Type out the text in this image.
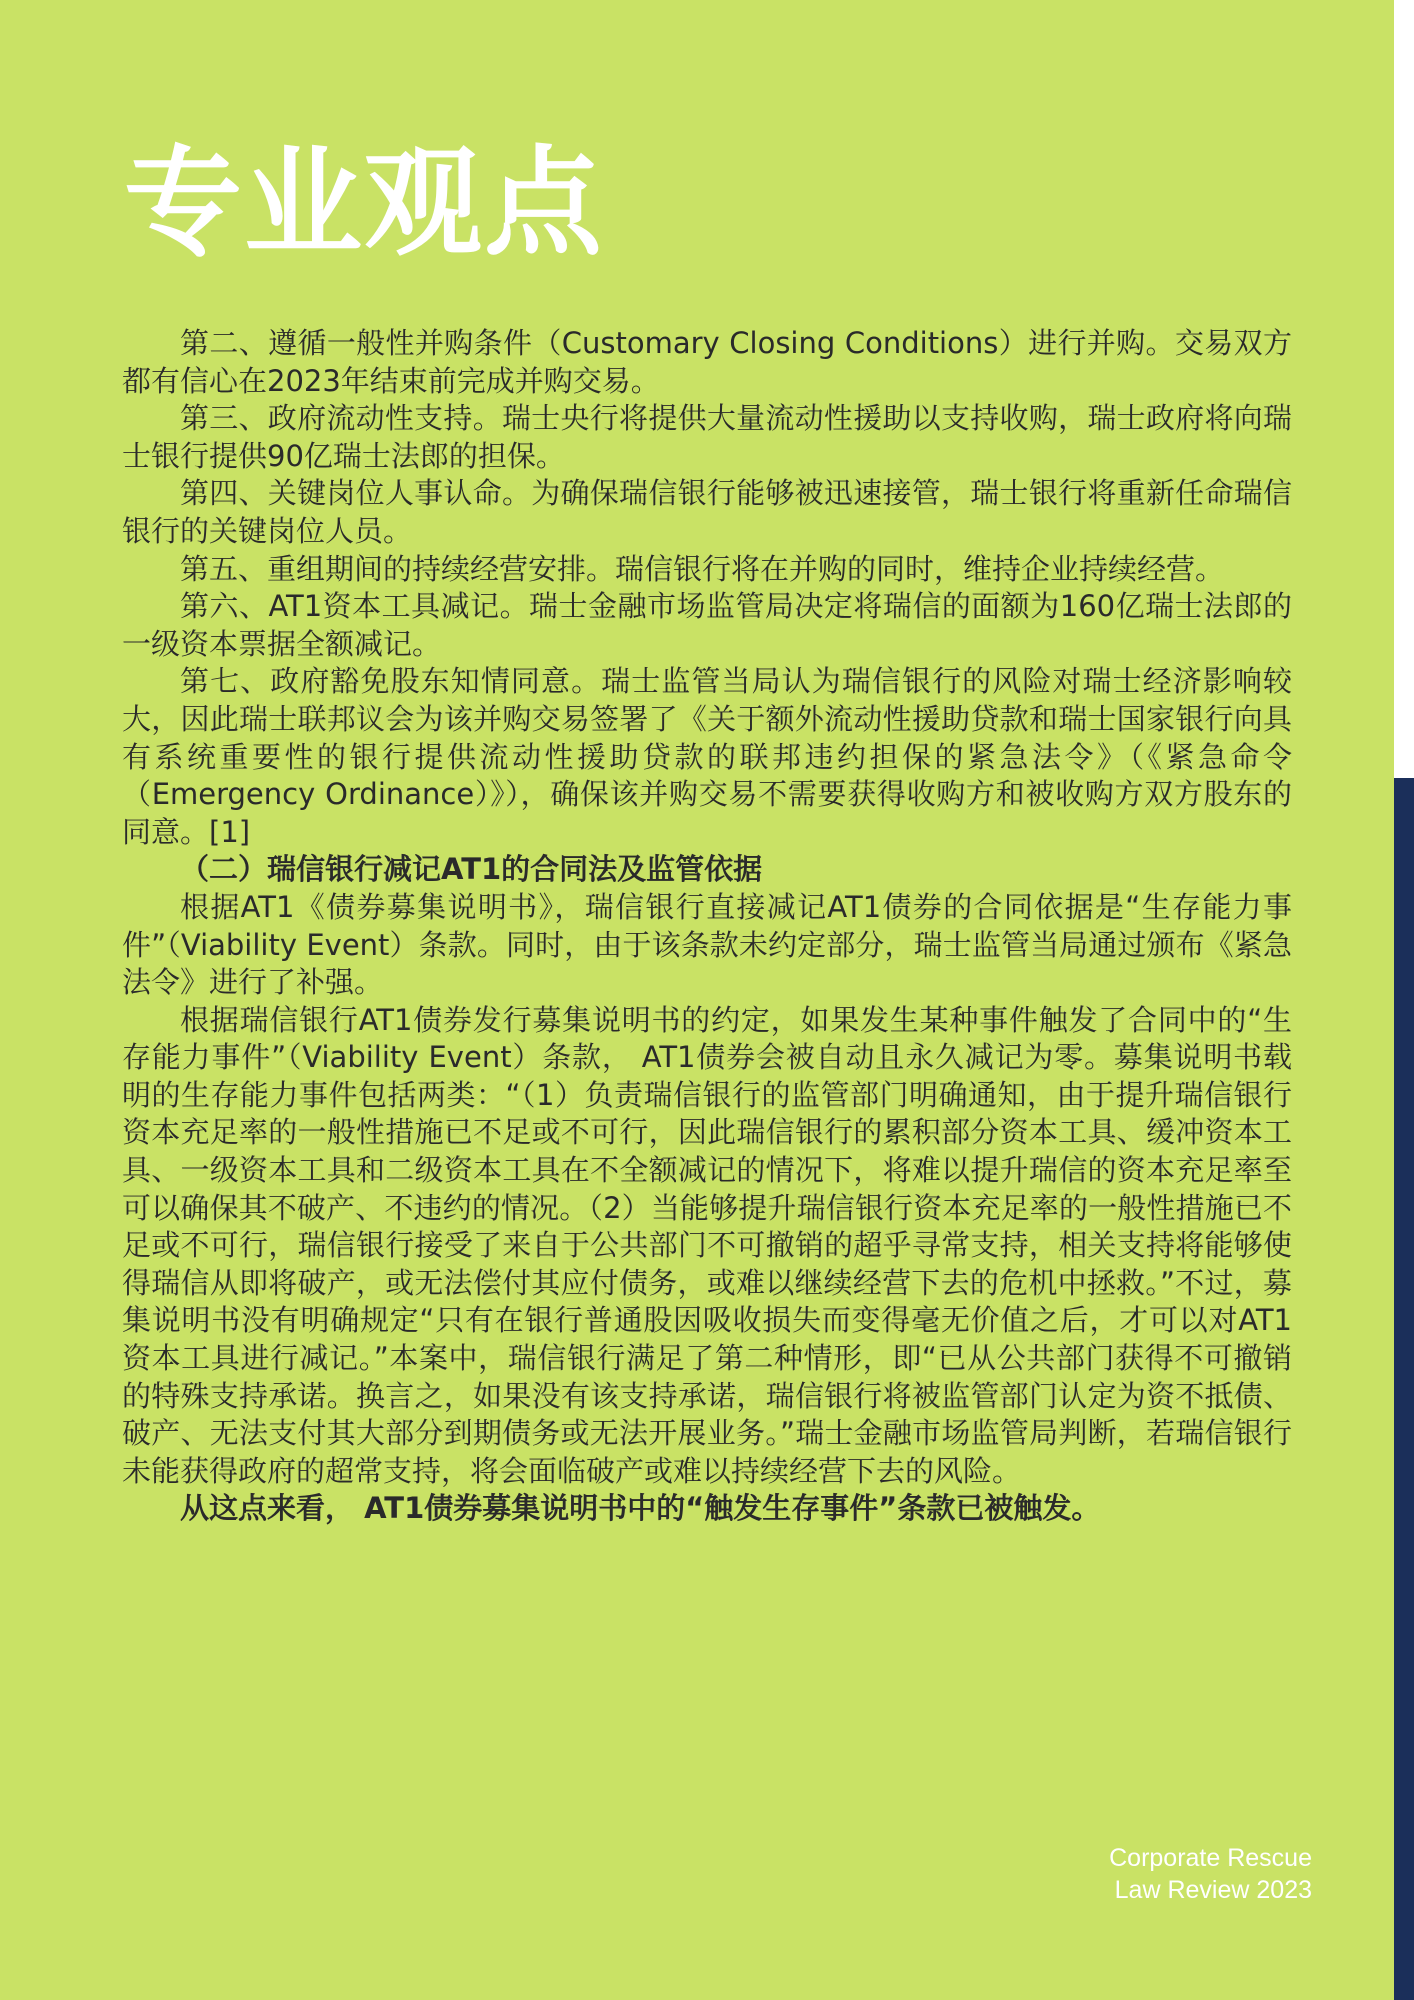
专业观点

第二、遵循一般性并购条件（Customary Closing Conditions）进行并购。交易双方都有信心在2023年结束前完成并购交易。

第三、政府流动性支持。瑞士央行将提供大量流动性援助以支持收购，瑞士政府将向瑞士银行提供90亿瑞士法郎的担保。

第四、关键岗位人事认命。为确保瑞信银行能够被迅速接管，瑞士银行将重新任命瑞信银行的关键岗位人员。

第五、重组期间的持续经营安排。瑞信银行将在并购的同时，维持企业持续经营。

第六、AT1资本工具减记。瑞士金融市场监管局决定将瑞信的面额为160亿瑞士法郎的一级资本票据全额减记。

第七、政府豁免股东知情同意。瑞士监管当局认为瑞信银行的风险对瑞士经济影响较大，因此瑞士联邦议会为该并购交易签署了《关于额外流动性援助贷款和瑞士国家银行向具有系统重要性的银行提供流动性援助贷款的联邦违约担保的紧急法令》（《紧急命令（Emergency Ordinance）》），确保该并购交易不需要获得收购方和被收购方双方股东的同意。[1]

（二）瑞信银行减记AT1的合同法及监管依据

根据AT1《债券募集说明书》，瑞信银行直接减记AT1债券的合同依据是“生存能力事件”（Viability Event）条款。同时，由于该条款未约定部分，瑞士监管当局通过颁布《紧急法令》进行了补强。

根据瑞信银行AT1债券发行募集说明书的约定，如果发生某种事件触发了合同中的“生存能力事件”（Viability Event）条款， AT1债券会被自动且永久减记为零。募集说明书载明的生存能力事件包括两类：“（1）负责瑞信银行的监管部门明确通知，由于提升瑞信银行资本充足率的一般性措施已不足或不可行，因此瑞信银行的累积部分资本工具、缓冲资本工具、一级资本工具和二级资本工具在不全额减记的情况下，将难以提升瑞信的资本充足率至可以确保其不破产、不违约的情况。（2）当能够提升瑞信银行资本充足率的一般性措施已不足或不可行，瑞信银行接受了来自于公共部门不可撤销的超乎寻常支持，相关支持将能够使得瑞信从即将破产，或无法偿付其应付债务，或难以继续经营下去的危机中拯救。”不过，募集说明书没有明确规定“只有在银行普通股因吸收损失而变得毫无价值之后，才可以对AT1资本工具进行减记。”本案中，瑞信银行满足了第二种情形，即“已从公共部门获得不可撤销的特殊支持承诺。换言之，如果没有该支持承诺，瑞信银行将被监管部门认定为资不抵债、破产、无法支付其大部分到期债务或无法开展业务。”瑞士金融市场监管局判断，若瑞信银行未能获得政府的超常支持，将会面临破产或难以持续经营下去的风险。

从这点来看， AT1债券募集说明书中的“触发生存事件”条款已被触发。

Corporate Rescue
Law Review 2023
